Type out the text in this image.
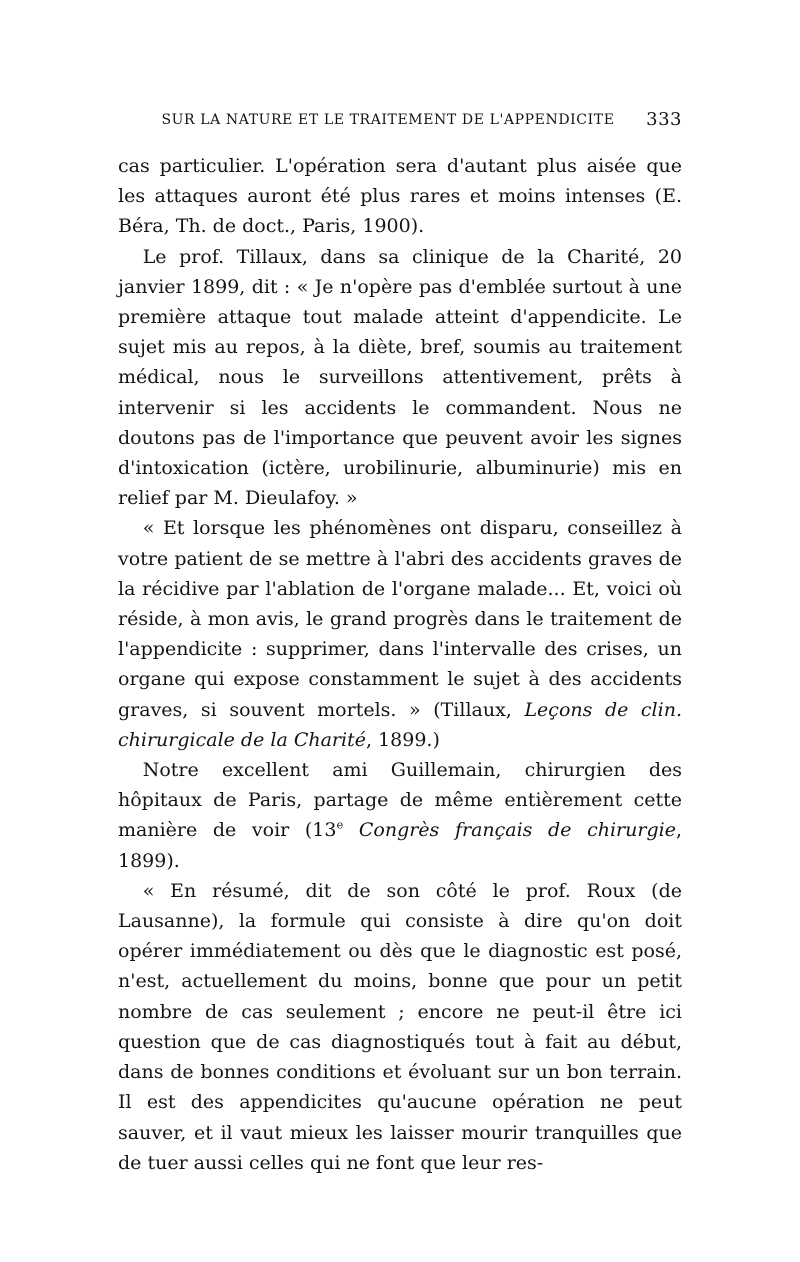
SUR LA NATURE ET LE TRAITEMENT DE L'APPENDICITE 333

cas particulier. L'opération sera d'autant plus aisée que les attaques auront été plus rares et moins intenses (E. Béra, Th. de doct., Paris, 1900).

Le prof. Tillaux, dans sa clinique de la Charité, 20 janvier 1899, dit : « Je n'opère pas d'emblée surtout à une première attaque tout malade atteint d'appendicite. Le sujet mis au repos, à la diète, bref, soumis au traitement médical, nous le surveillons attentivement, prêts à intervenir si les accidents le commandent. Nous ne doutons pas de l'importance que peuvent avoir les signes d'intoxication (ictère, urobilinurie, albuminurie) mis en relief par M. Dieulafoy. »

« Et lorsque les phénomènes ont disparu, conseillez à votre patient de se mettre à l'abri des accidents graves de la récidive par l'ablation de l'organe malade... Et, voici où réside, à mon avis, le grand progrès dans le traitement de l'appendicite : supprimer, dans l'intervalle des crises, un organe qui expose constamment le sujet à des accidents graves, si souvent mortels. » (Tillaux, Leçons de clin. chirurgicale de la Charité, 1899.)

Notre excellent ami Guillemain, chirurgien des hôpitaux de Paris, partage de même entièrement cette manière de voir (13e Congrès français de chirurgie, 1899).

« En résumé, dit de son côté le prof. Roux (de Lausanne), la formule qui consiste à dire qu'on doit opérer immédiatement ou dès que le diagnostic est posé, n'est, actuellement du moins, bonne que pour un petit nombre de cas seulement ; encore ne peut-il être ici question que de cas diagnostiqués tout à fait au début, dans de bonnes conditions et évoluant sur un bon terrain. Il est des appendicites qu'aucune opération ne peut sauver, et il vaut mieux les laisser mourir tranquilles que de tuer aussi celles qui ne font que leur res-
